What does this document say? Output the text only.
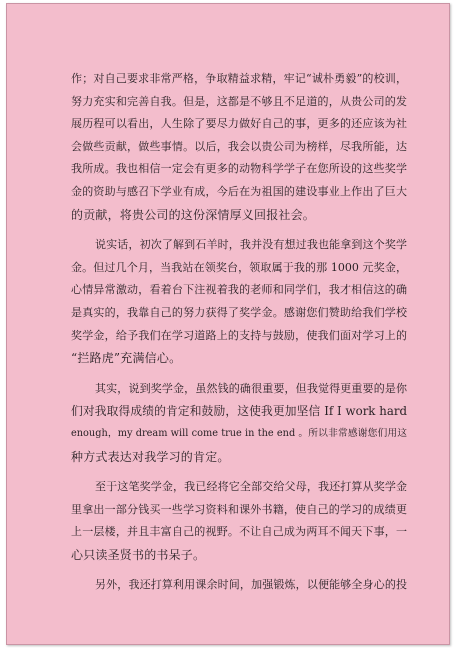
作；对自己要求非常严格，争取精益求精，牢记“诚朴勇毅”的校训，
努力充实和完善自我。但是，这都是不够且不足道的，从贵公司的发
展历程可以看出，人生除了要尽力做好自己的事，更多的还应该为社
会做些贡献，做些事情。以后，我会以贵公司为榜样，尽我所能，达
我所成。我也相信一定会有更多的动物科学学子在您所设的这些奖学
金的资助与感召下学业有成，今后在为祖国的建设事业上作出了巨大
的贡献，将贵公司的这份深情厚义回报社会。

说实话，初次了解到石羊时，我并没有想过我也能拿到这个奖学
金。但过几个月，当我站在领奖台，领取属于我的那 1000 元奖金，
心情异常激动，看着台下注视着我的老师和同学们，我才相信这的确
是真实的，我靠自己的努力获得了奖学金。感谢您们赞助给我们学校
奖学金，给予我们在学习道路上的支持与鼓励，使我们面对学习上的
“拦路虎”充满信心。

其实，说到奖学金，虽然钱的确很重要，但我觉得更重要的是你
们对我取得成绩的肯定和鼓励，这使我更加坚信 If I work hard
enough，my dream will come true in the end 。所以非常感谢您们用这
种方式表达对我学习的肯定。

至于这笔奖学金，我已经将它全部交给父母，我还打算从奖学金
里拿出一部分钱买一些学习资料和课外书籍，使自己的学习的成绩更
上一层楼，并且丰富自己的视野。不让自己成为两耳不闻天下事，一
心只读圣贤书的书呆子。

另外，我还打算利用课余时间，加强锻炼，以便能够全身心的投
